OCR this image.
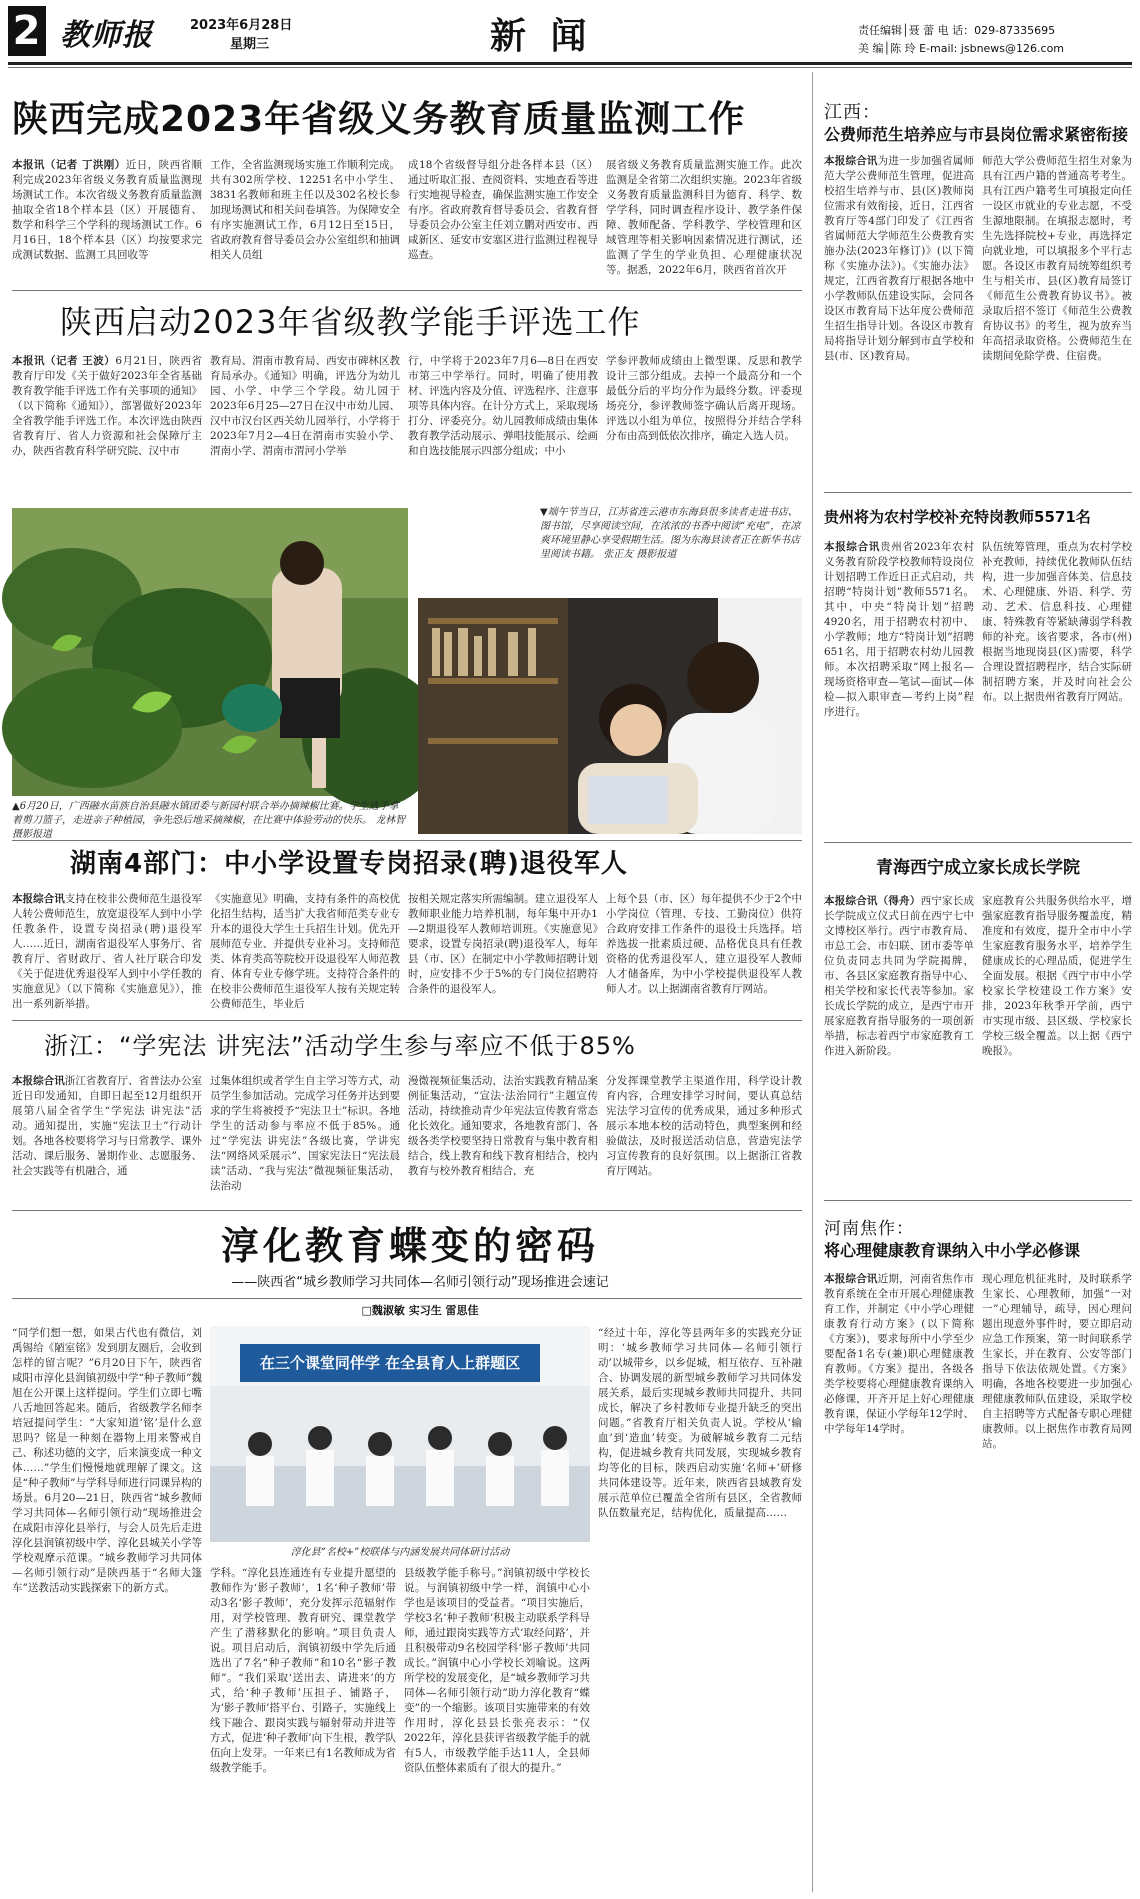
2 教师报	2023年6月28日
星期三	新 闻	责任编辑│聂 蕾 电 话：029-87335695
美 编│陈 玲 E-mail: jsbnews@126.com
陕西完成2023年省级义务教育质量监测工作
本报讯（记者 丁洪刚）近日，陕西省顺利完成2023年省级义务教育质量监测现场测试工作。本次省级义务教育质量监测抽取全省18个样本县（区）开展德育、数学和科学三个学科的现场测试工作。6月16日，18个样本县（区）均按要求完成测试数据、监测工具回收等
工作，全省监测现场实施工作顺利完成。共有302所学校、12251名中小学生、3831名教师和班主任以及302名校长参加现场测试和相关问卷填答。为保障安全有序实施测试工作，6月12日至15日，省政府教育督导委员会办公室组织和抽调相关人员组
成18个省级督导组分赴各样本县（区）通过听取汇报、查阅资料、实地查看等进行实地视导检查，确保监测实施工作安全有序。省政府教育督导委员会、省教育督导委员会办公室主任刘立鹏对西安市、西咸新区、延安市安塞区进行监测过程视导巡查。
展省级义务教育质量监测实施工作。此次监测是全省第二次组织实施。2023年省级义务教育质量监测科目为德育、科学、数学学科，同时调查程序设计、教学条件保障、教师配备、学科教学、学校管理和区域管理等相关影响因素情况进行测试，还监测了学生的学业负担、心理健康状况等。据悉，2022年6月，陕西省首次开
陕西启动2023年省级教学能手评选工作
本报讯（记者 王波）6月21日，陕西省教育厅印发《关于做好2023年全省基础教育教学能手评选工作有关事项的通知》（以下简称《通知》），部署做好2023年全省教学能手评选工作。本次评选由陕西省教育厅、省人力资源和社会保障厅主办，陕西省教育科学研究院、汉中市
教育局、渭南市教育局、西安市碑林区教育局承办。《通知》明确，评选分为幼儿园、小学、中学三个学段。幼儿园于2023年6月25—27日在汉中市幼儿园、汉中市汉台区西关幼儿园举行，小学将于2023年7月2—4日在渭南市实验小学、渭南小学、渭南市渭河小学举
行，中学将于2023年7月6—8日在西安市第三中学举行。同时，明确了使用教材、评选内容及分值、评选程序、注意事项等具体内容。在计分方式上，采取现场打分、评委亮分。幼儿园教师成绩由集体教育教学活动展示、弹唱技能展示、绘画和自选技能展示四部分组成；中小
学参评教师成绩由上微型课、反思和教学设计三部分组成。去掉一个最高分和一个最低分后的平均分作为最终分数。评委现场亮分，参评教师签字确认后离开现场。评选以小组为单位，按照得分并结合学科分布由高到低依次排序，确定入选人员。
▲6月20日，广西融水苗族自治县融水镇团委与新园村联合举办摘辣椒比赛。学生选手拿着剪刀篮子，走进亲子种植园，争先恐后地采摘辣椒，在比赛中体验劳动的快乐。 龙林智 摄影报道
▼端午节当日，江苏省连云港市东海县很多读者走进书店、图书馆，尽享阅读空间，在浓浓的书香中阅读“充电”，在凉爽环境里静心享受假期生活。图为东海县读者正在新华书店里阅读书籍。 张正友 摄影报道
湖南4部门：中小学设置专岗招录(聘)退役军人
本报综合讯支持在校非公费师范生退役军人转公费师范生，放宽退役军人到中小学任教条件，设置专岗招录(聘)退役军人……近日，湖南省退役军人事务厅、省教育厅、省财政厅、省人社厅联合印发《关于促进优秀退役军人到中小学任教的实施意见》（以下简称《实施意见》），推出一系列新举措。
《实施意见》明确，支持有条件的高校优化招生结构，适当扩大我省师范类专业专升本的退役大学生士兵招生计划。优先开展师范专业、并提供专业补习。支持师范类、体育类高等院校开设退役军人师范教育、体育专业专修学班。支持符合条件的在校非公费师范生退役军人按有关规定转公费师范生，毕业后
按相关规定落实所需编制。建立退役军人教师职业能力培养机制，每年集中开办1—2期退役军人教师培训班。《实施意见》要求，设置专岗招录(聘)退役军人，每年县（市、区）在制定中小学教师招聘计划时，应安排不少于5%的专门岗位招聘符合条件的退役军人。
上每个县（市、区）每年提供不少于2个中小学岗位（管理、专技、工勤岗位）供符合政府安排工作条件的退役士兵选择。培养选拔一批素质过硬、品格优良具有任教资格的优秀退役军人，建立退役军人教师人才储备库，为中小学校提供退役军人教师人才。以上据湖南省教育厅网站。
浙江：“学宪法 讲宪法”活动学生参与率应不低于85%
本报综合讯浙江省教育厅、省普法办公室近日印发通知，自即日起至12月组织开展第八届全省学生“学宪法 讲宪法”活动。通知提出，实施“宪法卫士”行动计划。各地各校要将学习与日常教学、课外活动、课后服务、暑期作业、志愿服务、社会实践等有机融合，通
过集体组织或者学生自主学习等方式，动员学生参加活动。完成学习任务并达到要求的学生将被授予“宪法卫士”标识。各地学生的活动参与率应不低于85%。通过“学宪法 讲宪法”各级比赛，学讲宪法“网络风采展示”、国家宪法日“宪法晨读”活动、“我与宪法”微视频征集活动，法治动
漫微视频征集活动，法治实践教育精品案例征集活动，“宣法·法治同行”主题宣传活动，持续推动青少年宪法宣传教育常态化长效化。通知要求，各地教育部门、各级各类学校要坚持日常教育与集中教育相结合，线上教育和线下教育相结合，校内教育与校外教育相结合，充
分发挥课堂教学主渠道作用，科学设计教育内容，合理安排学习时间，要认真总结宪法学习宣传的优秀成果，通过多种形式展示本地本校的活动特色，典型案例和经验做法，及时报送活动信息，营造宪法学习宣传教育的良好氛围。以上据浙江省教育厅网站。
淳化教育蝶变的密码
——陕西省“城乡教师学习共同体—名师引领行动”现场推进会速记
□魏淑敏 实习生 雷思佳
“同学们想一想，如果古代也有微信，刘禹锡给《陋室铭》发到朋友圈后，会收到怎样的留言呢？”6月20日下午，陕西省咸阳市淳化县润镇初级中学“种子教师”魏旭在公开课上这样提问。学生们立即七嘴八舌地回答起来。随后，省级教学名师李培冠提问学生：“大家知道‘铭’是什么意思吗？铭是一种刻在器物上用来警戒自己、称述功德的文字，后来演变成一种文体……”学生们慢慢地就理解了课文。这是“种子教师”与学科导师进行同课异构的场景。6月20—21日，陕西省“城乡教师学习共同体—名师引领行动”现场推进会在咸阳市淳化县举行，与会人员先后走进淳化县润镇初级中学、淳化县城关小学等学校观摩示范课。“城乡教师学习共同体—名师引领行动”是陕西基于“名师大篷车”送教活动实践探索下的新方式。
在三个课堂同伴学 在全县育人上群题区
淳化县“名校+”校联体与内涵发展共同体研讨活动
学科。“淳化县连通连有专业提升愿望的教师作为‘影子教师’，1名‘种子教师’带动3名‘影子教师’，充分发挥示范辐射作用，对学校管理、教育研究、课堂教学产生了潜移默化的影响。”项目负责人说。项目启动后，润镇初级中学先后通选出了7名“种子教师”和10名“影子教师”。“我们采取‘送出去、请进来’的方式，给‘种子教师’压担子、铺路子，为‘影子教师’搭平台、引路子，实施线上线下融合、跟岗实践与辐射带动并进等方式，促进‘种子教师’向下生根，教学队伍向上发芽。一年来已有1名教师成为省级教学能手。
县级教学能手称号。”润镇初级中学校长说。与润镇初级中学一样，润镇中心小学也是该项目的受益者。“项目实施后，学校3名‘种子教师’积极主动联系学科导师，通过跟岗实践等方式‘取经问路’，并且积极带动9名校园学科‘影子教师’共同成长。”润镇中心小学校长刘喻说。这两所学校的发展变化，是“城乡教师学习共同体—名师引领行动”助力淳化教育“蝶变”的一个缩影。该项目实施带来的有效作用时，淳化县县长张亮表示：“仅2022年，淳化县获评省级教学能手的就有5人，市级教学能手达11人，全县师资队伍整体素质有了很大的提升。”
“经过十年，淳化等县两年多的实践充分证明：‘城乡教师学习共同体—名师引领行动’以城带乡，以乡促城，相互依存、互补融合、协调发展的新型城乡教师学习共同体发展关系，最后实现城乡教师共同提升、共同成长，解决了乡村教师专业提升缺乏的突出问题。”省教育厅相关负责人说。学校从‘输血’到‘造血’转变。为破解城乡教育二元结构，促进城乡教育共同发展，实现城乡教育均等化的目标，陕西启动实施‘名师+’研修共同体建设等。近年来，陕西省县域教育发展示范单位已覆盖全省所有县区，全省教师队伍数量充足，结构优化，质量提高……
江西：
公费师范生培养应与市县岗位需求紧密衔接
本报综合讯为进一步加强省属师范大学公费师范生管理，促进高校招生培养与市、县(区)教师岗位需求有效衔接，近日，江西省教育厅等4部门印发了《江西省省属师范大学师范生公费教育实施办法(2023年修订)》(以下简称《实施办法》)。《实施办法》规定，江西省教育厅根据各地中小学教师队伍建设实际，会同各设区市教育局下达年度公费师范生招生指导计划。各设区市教育局将指导计划分解到市直学校和县(市、区)教育局。
师范大学公费师范生招生对象为具有江西户籍的普通高考考生。具有江西户籍考生可填报定向任一设区市就业的专业志愿，不受生源地限制。在填报志愿时，考生先选择院校+专业，再选择定向就业地，可以填报多个平行志愿。各设区市教育局统筹组织考生与相关市、县(区)教育局签订《师范生公费教育协议书》。被录取后招不签订《师范生公费教育协议书》的考生，视为放弃当年高招录取资格。公费师范生在读期间免除学费、住宿费。
贵州将为农村学校补充特岗教师5571名
本报综合讯贵州省2023年农村义务教育阶段学校教师特设岗位计划招聘工作近日正式启动，共招聘“特岗计划”教师5571名。其中，中央“特岗计划”招聘4920名，用于招聘农村初中、小学教师；地方“特岗计划”招聘651名，用于招聘农村幼儿园教师。本次招聘采取“网上报名—现场资格审查—笔试—面试—体检—拟入职审查—考约上岗”程序进行。
队伍统筹管理，重点为农村学校补充教师，持续优化教师队伍结构，进一步加强音体美、信息技术、心理健康、外语、科学、劳动、艺术、信息科技、心理健康、特殊教育等紧缺薄弱学科教师的补充。该省要求，各市(州)根据当地现岗县(区)需要，科学合理设置招聘程序，结合实际研制招聘方案，并及时向社会公布。以上据贵州省教育厅网站。
青海西宁成立家长成长学院
本报综合讯（得舟）西宁家长成长学院成立仪式日前在西宁七中文博校区举行。西宁市教育局、市总工会、市妇联、团市委等单位负责同志共同为学院揭牌，市、各县区家庭教育指导中心、相关学校和家长代表等参加。家长成长学院的成立，是西宁市开展家庭教育指导服务的一项创新举措，标志着西宁市家庭教育工作进入新阶段。
家庭教育公共服务供给水平，增强家庭教育指导服务覆盖度，精准度和有效度，提升全市中小学生家庭教育服务水平，培养学生健康成长的心理品质，促进学生全面发展。根据《西宁市中小学校家长学校建设工作方案》安排，2023年秋季开学前，西宁市实现市级、县区级、学校家长学校三级全覆盖。以上据《西宁晚报》。
河南焦作：
将心理健康教育课纳入中小学必修课
本报综合讯近期，河南省焦作市教育系统在全市开展心理健康教育工作，并制定《中小学心理健康教育行动方案》(以下简称《方案》)，要求每所中小学至少要配备1名专(兼)职心理健康教育教师。《方案》提出，各级各类学校要将心理健康教育课纳入必修课，开齐开足上好心理健康教育课，保证小学每年12学时、中学每年14学时。
现心理危机征兆时，及时联系学生家长、心理教师，加强“一对一”心理辅导，疏导，因心理问题出现意外事件时，要立即启动应急工作预案，第一时间联系学生家长，并在教育、公安等部门指导下依法依规处置。《方案》明确，各地各校要进一步加强心理健康教师队伍建设，采取学校自主招聘等方式配备专职心理健康教师。以上据焦作市教育局网站。
